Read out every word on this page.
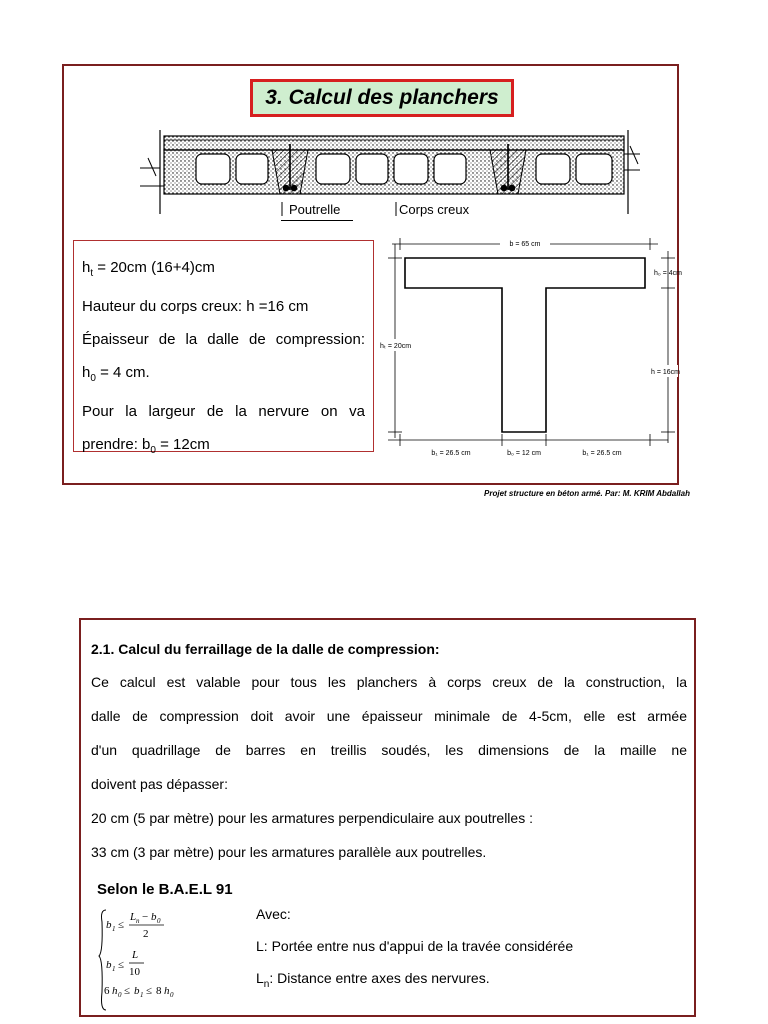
3. Calcul des planchers
Poutrelle	Corps creux
$h_t = 20cm$ (16+4)cm
Hauteur du corps creux: h =16 cm
Épaisseur de la dalle de compression:
$h_0 = 4$ cm.
Pour la largeur de la nervure on va
prendre: $b_0 = 12cm$
b = 65 cm
h₀ = 4cm
hₜ = 20cm
h = 16cm
b₁ = 26.5 cm	b₀ = 12 cm	b₁ = 26.5 cm
Projet structure en béton armé. Par: M. KRIM Abdallah
2.1. Calcul du ferraillage de la dalle de compression:
Ce calcul est valable pour tous les planchers à corps creux de la construction, la
dalle de compression doit avoir une épaisseur minimale de 4-5cm, elle est armée
d'un quadrillage de barres en treillis soudés, les dimensions de la maille ne
doivent pas dépasser:
20 cm (5 par mètre) pour les armatures perpendiculaire aux poutrelles :
33 cm (3 par mètre) pour les armatures parallèle aux poutrelles.
Selon le B.A.E.L 91
b 1 ≤
L n − b 0
2
b 1 ≤
L
10
6 h 0 ≤ b 1 ≤ 8 h 0
Avec:
L: Portée entre nus d'appui de la travée considérée
$L_n$: Distance entre axes des nervures.
